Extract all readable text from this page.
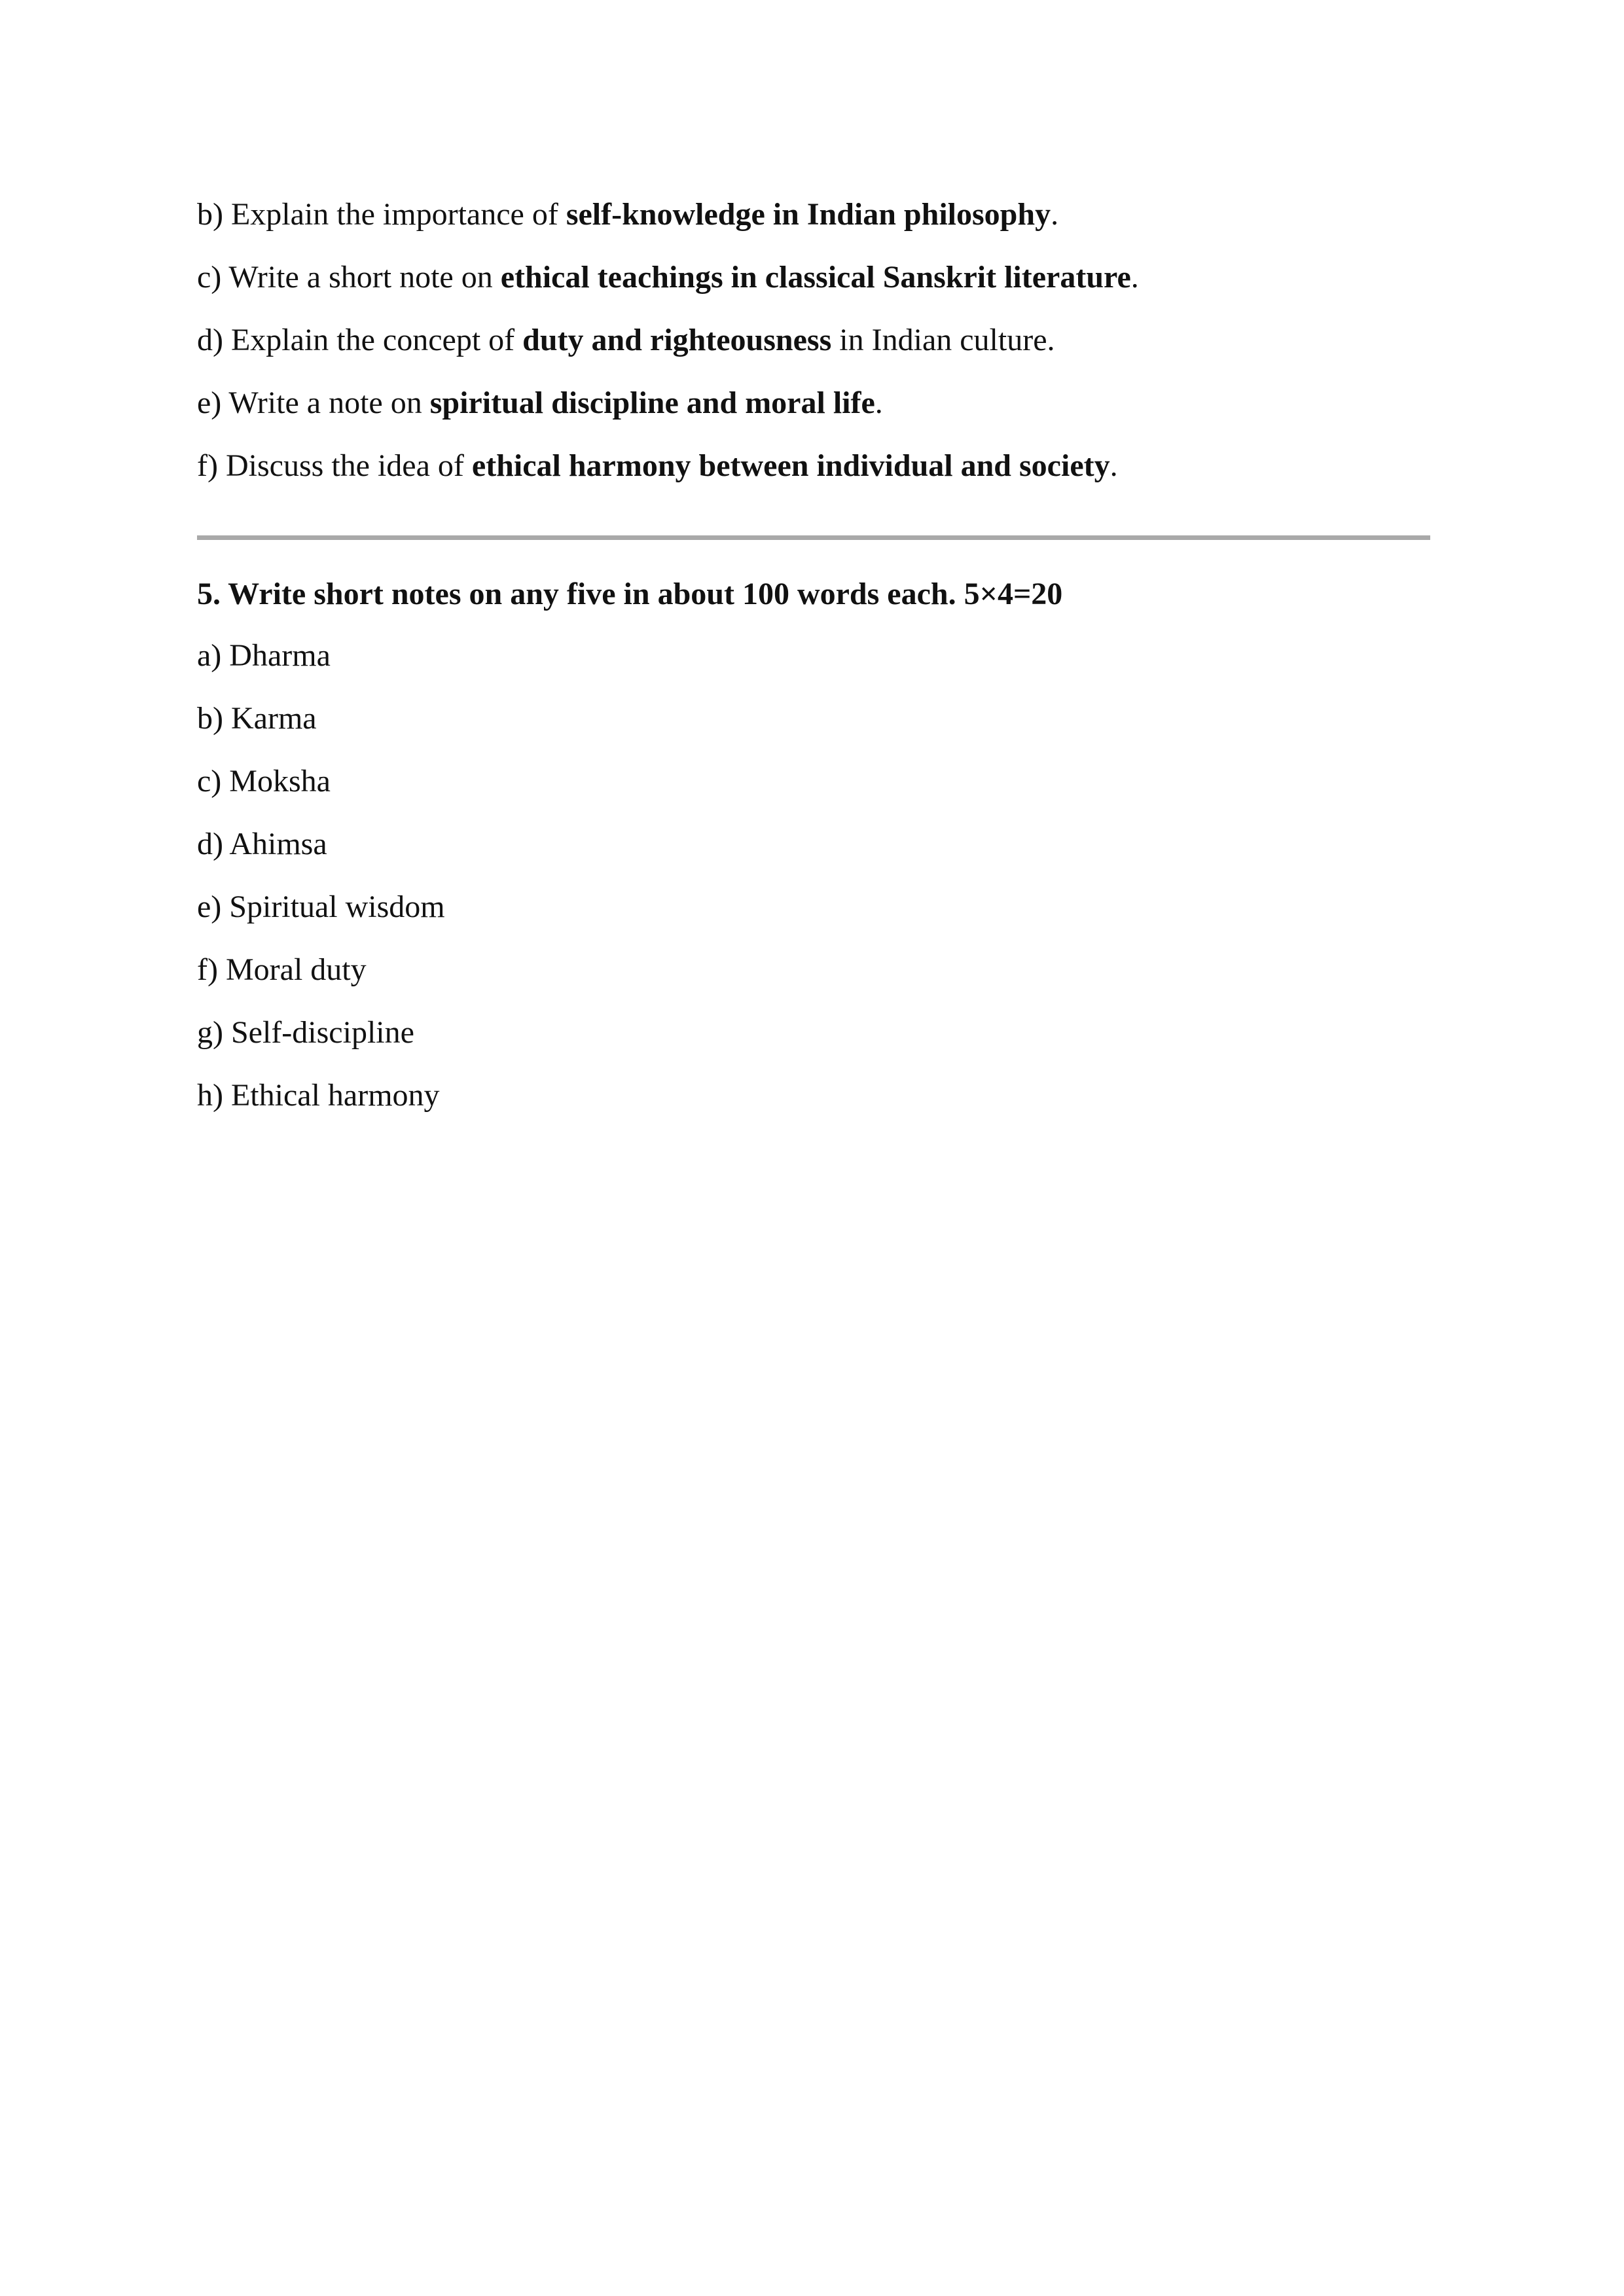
b) Explain the importance of self-knowledge in Indian philosophy.
c) Write a short note on ethical teachings in classical Sanskrit literature.
d) Explain the concept of duty and righteousness in Indian culture.
e) Write a note on spiritual discipline and moral life.
f) Discuss the idea of ethical harmony between individual and society.
5. Write short notes on any five in about 100 words each. 5×4=20
a) Dharma
b) Karma
c) Moksha
d) Ahimsa
e) Spiritual wisdom
f) Moral duty
g) Self-discipline
h) Ethical harmony
